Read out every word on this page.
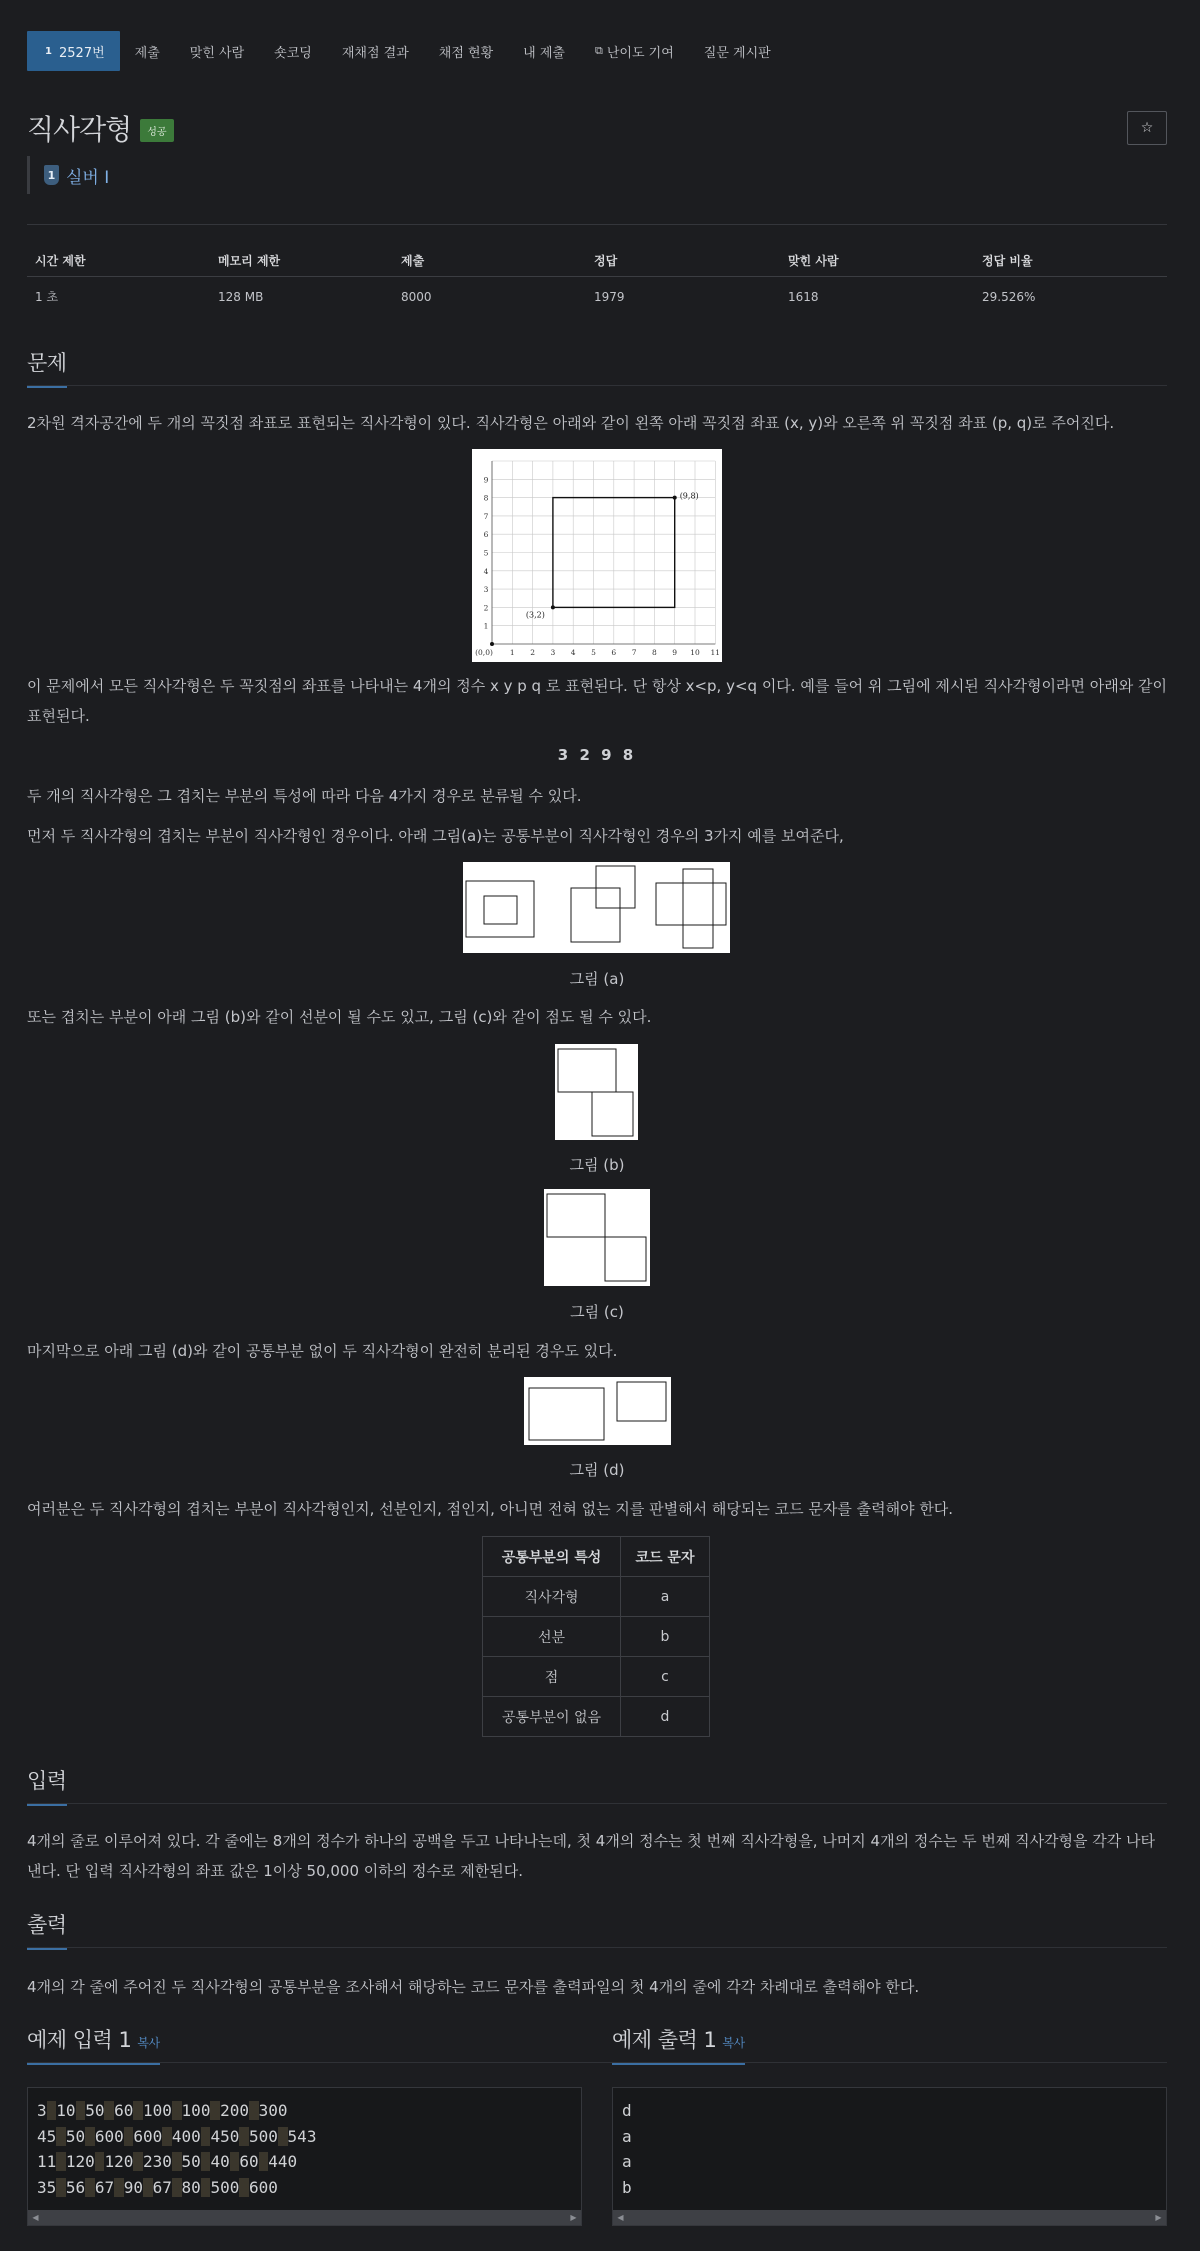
1 2527번	제출	맞힌 사람	숏코딩	재채점 결과	채점 현황	내 제출	⧉ 난이도 기여	질문 게시판
직사각형	성공	☆
1 실버 I
시간 제한	메모리 제한	제출	정답	맞힌 사람	정답 비율
1 초	128 MB	8000	1979	1618	29.526%
문제
2차원 격자공간에 두 개의 꼭짓점 좌표로 표현되는 직사각형이 있다. 직사각형은 아래와 같이 왼쪽 아래 꼭짓점 좌표 (x, y)와 오른쪽 위 꼭짓점 좌표 (p, q)로 주어진다.
(0,0) 1 2 3 4 5 6 7 8 9 10 11
1
2
3
4
5
6
7
8
9
(9,8)
(3,2)
이 문제에서 모든 직사각형은 두 꼭짓점의 좌표를 나타내는 4개의 정수 x y p q 로 표현된다. 단 항상 x<p, y<q 이다. 예를 들어 위 그림에 제시된 직사각형이라면 아래와 같이 표현된다.
3 2 9 8
두 개의 직사각형은 그 겹치는 부분의 특성에 따라 다음 4가지 경우로 분류될 수 있다.
먼저 두 직사각형의 겹치는 부분이 직사각형인 경우이다. 아래 그림(a)는 공통부분이 직사각형인 경우의 3가지 예를 보여준다,
그림 (a)
또는 겹치는 부분이 아래 그림 (b)와 같이 선분이 될 수도 있고, 그림 (c)와 같이 점도 될 수 있다.
그림 (b)
그림 (c)
마지막으로 아래 그림 (d)와 같이 공통부분 없이 두 직사각형이 완전히 분리된 경우도 있다.
그림 (d)
여러분은 두 직사각형의 겹치는 부분이 직사각형인지, 선분인지, 점인지, 아니면 전혀 없는 지를 판별해서 해당되는 코드 문자를 출력해야 한다.
공통부분의 특성	코드 문자
직사각형	a
선분	b
점	c
공통부분이 없음	d
입력
4개의 줄로 이루어져 있다. 각 줄에는 8개의 정수가 하나의 공백을 두고 나타나는데, 첫 4개의 정수는 첫 번째 직사각형을, 나머지 4개의 정수는 두 번째 직사각형을 각각 나타낸다. 단 입력 직사각형의 좌표 값은 1이상 50,000 이하의 정수로 제한된다.
출력
4개의 각 줄에 주어진 두 직사각형의 공통부분을 조사해서 해당하는 코드 문자를 출력파일의 첫 4개의 줄에 각각 차례대로 출력해야 한다.
예제 입력 1 복사	예제 출력 1 복사
3 10 50 60 100 100 200 300
45 50 600 600 400 450 500 543
11 120 120 230 50 40 60 440
35 56 67 90 67 80 500 600
◀	▶
d
a
a
b
◀	▶
